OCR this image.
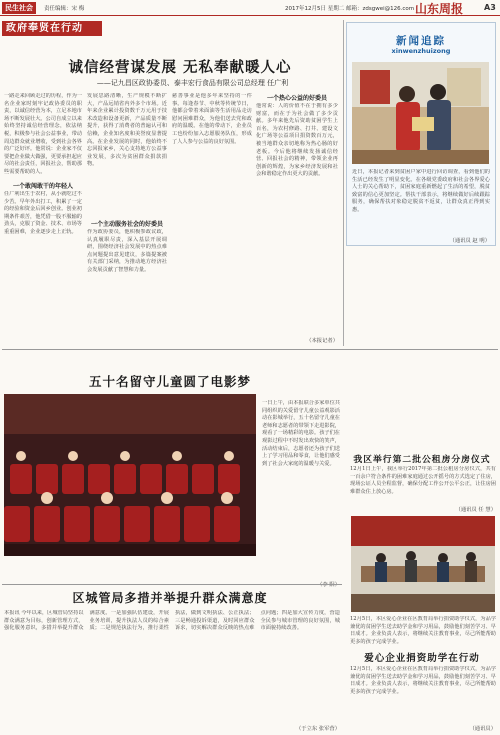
民生社会	责任编辑：宋 梅	2017年12月5日 星期二 邮箱：zdsgwei@126.com 山东周报	A3
政府奉贤在行动
诚信经营谋发展 无私奉献暖人心
——记九昌区政协委员、泰丰宏行食品有限公司总经理 任广利
一路走来回顾走过的历程，作为一名企业家时刻牢记政协委员的职责，以诚信经营为本，立足本地市场不断发展壮大。公司自成立以来始终坚持诚信经营理念，依法纳税，积极参与社会公益事业，带动周边群众就业增收，受到社会各界的广泛好评。他常说：企业家不仅要把企业做大做强，更要承担起应尽的社会责任，回报社会，帮助那些需要帮助的人。
一个敢闯敢干的年轻人
任广利出生于农村，从小就吃过不少苦。早年外出打工，积累了一定的经验和资金后回乡创业。创业初期条件艰苦，他凭借一股不服输的劲头，克服了资金、技术、市场等重重困难，企业逐步走上正轨。
发展思路清晰，生产规模不断扩大，产品远销省内外多个市场。近年来企业累计投资数千万元用于技术改造和设备更新，产品质量不断提升，获得了消费者的普遍认可和信赖，企业知名度和美誉度显著提高。在企业发展的同时，他始终不忘回报家乡，关心支持地方公益事业发展，多次为贫困群众捐款捐物。
一个主动服务社会的好委员
作为政协委员，他积极参政议政，认真履职尽责，深入基层开展调研，围绕经济社会发展中的热点难点问题提出意见建议，多篇提案被有关部门采纳，为推动地方经济社会发展贡献了智慧和力量。
慈善事业是他多年来坚持的一件事。每逢春节、中秋等传统节日，他都会带着米面油等生活用品走访慰问困难群众，为他们送去党和政府的温暖。在他的带动下，企业员工也纷纷加入志愿服务队伍，形成了人人参与公益的良好氛围。
一个热心公益的好委员
他常说：人的价值不在于拥有多少财富，而在于为社会做了多少贡献。多年来他先后资助贫困学生上百名，为农村修路、打井、建设文化广场等公益项目捐资数百万元，被当地群众亲切地称为热心肠的好老板。今后他将继续发扬诚信经营、回报社会的精神，带领企业再创新的辉煌，为家乡经济发展和社会和谐稳定作出更大的贡献。
（本报记者）
新闻追踪
xinwenzhuizong
近日，本报记者来到贫困户家中进行回访调查，看到他们的生活已经发生了明显变化。在各级党委政府和社会各界爱心人士的关心帮助下，贫困家庭重新燃起了生活的希望，脱贫致富的信心更加坚定。帮扶干部表示，将继续做好后续跟踪服务，确保帮扶对象稳定脱贫不返贫，让群众真正得到实惠。
（通讯员 赵 明）
五十名留守儿童圆了电影梦
一日上午，由本报联合多家单位共同组织的关爱留守儿童公益观影活动在影城举行，五十名留守儿童在老师和志愿者的带领下走进影院，观看了一场精彩的电影。孩子们在观影过程中不时发出欢快的笑声，活动结束后，志愿者还为孩子们送上了学习用品和零食，让他们感受到了社会大家庭的温暖与关爱。
（李 阳）
我区举行第二批公租房分房仪式
12月1日上午，我区举行2017年第二批公租房分房仪式，共有一百余户符合条件的困难家庭通过公开摇号的方式选定了住房，现场公证人员全程监督，确保分配工作公开公平公正，让住房困难群众住上放心房。
（通讯员 任 慧）
区城管局多措并举提升群众满意度
本报讯 今年以来，区城管局坚持以群众满意为目标，创新管理方式，强化服务意识，多措并举提升群众满意度。一是加强队伍建设，开展业务培训，提升执法人员的综合素质；二是规范执法行为，推行柔性执法，做到文明执法、公正执法；三是畅通投诉渠道，及时回应群众诉求，切实解决群众反映的热点难点问题；四是加大宣传力度，营造全民参与城市管理的良好氛围，城市面貌持续改善。
（于立东 张军营）
12月5日，本区爱心企业在区教育局举行捐资助学仪式，为品学兼优的贫困学生送去助学金和学习用品，鼓励他们刻苦学习、早日成才。企业负责人表示，将继续关注教育事业，尽己所能帮助更多的孩子完成学业。
爱心企业捐资助学在行动
12月5日，本区爱心企业在区教育局举行捐资助学仪式，为品学兼优的贫困学生送去助学金和学习用品，鼓励他们刻苦学习、早日成才。企业负责人表示，将继续关注教育事业，尽己所能帮助更多的孩子完成学业。
（通讯员）
